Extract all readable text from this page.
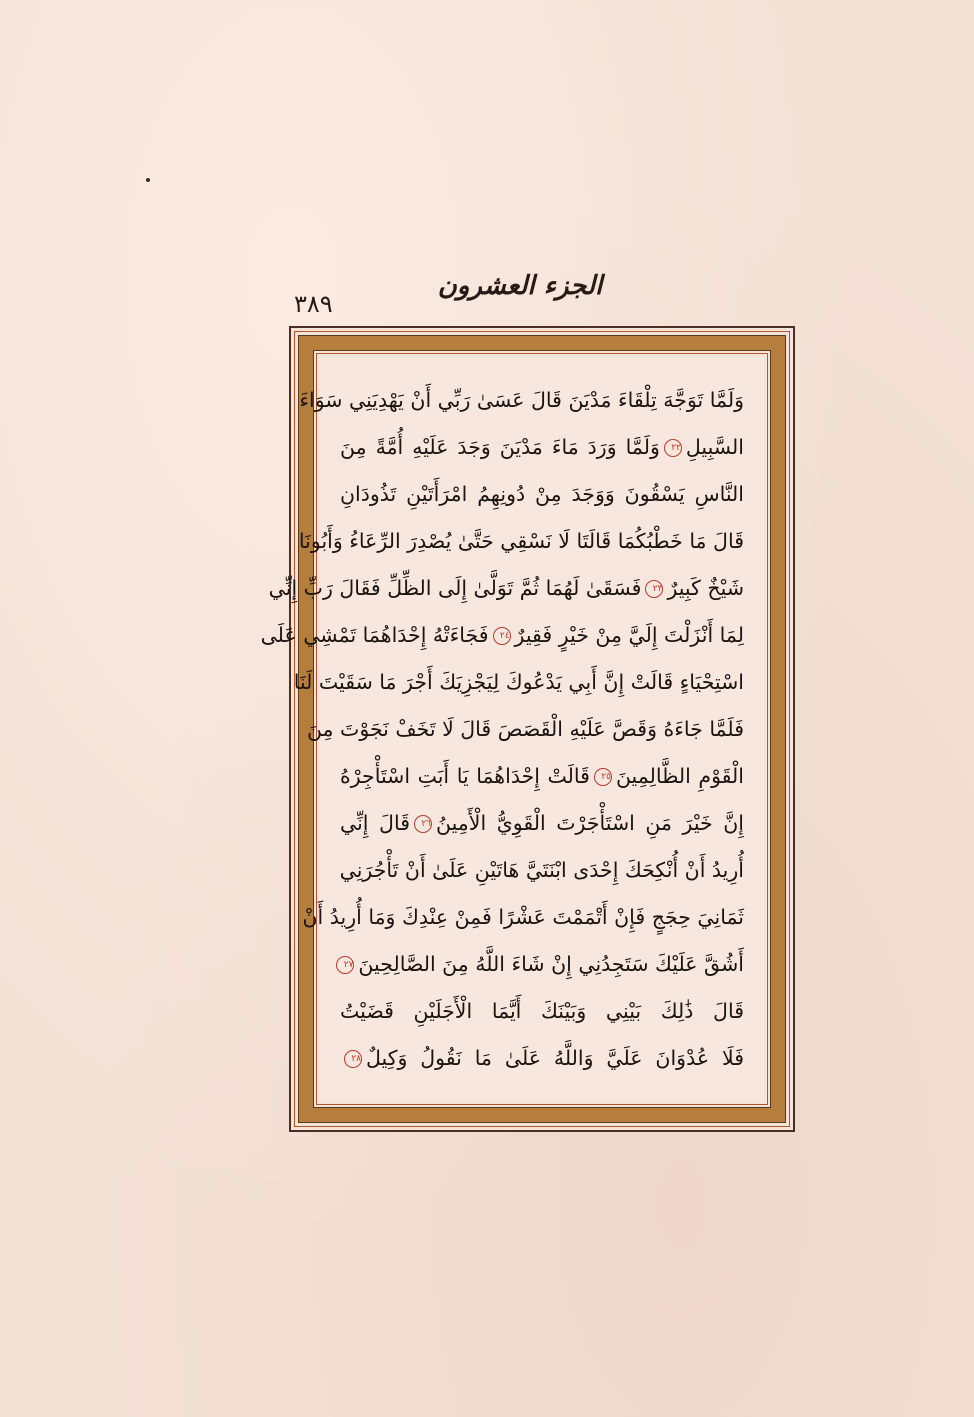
الجزء العشرون
٣٨٩
وَلَمَّا تَوَجَّهَ تِلْقَاءَ مَدْيَنَ قَالَ عَسَىٰ رَبِّي أَنْ يَهْدِيَنِي سَوَاءَ
السَّبِيلِ٢٢وَلَمَّا وَرَدَ مَاءَ مَدْيَنَ وَجَدَ عَلَيْهِ أُمَّةً مِنَ
النَّاسِ يَسْقُونَ وَوَجَدَ مِنْ دُونِهِمُ امْرَأَتَيْنِ تَذُودَانِ
قَالَ مَا خَطْبُكُمَا قَالَتَا لَا نَسْقِي حَتَّىٰ يُصْدِرَ الرِّعَاءُ وَأَبُونَا
شَيْخٌ كَبِيرٌ٢٣فَسَقَىٰ لَهُمَا ثُمَّ تَوَلَّىٰ إِلَى الظِّلِّ فَقَالَ رَبِّ إِنِّي
لِمَا أَنْزَلْتَ إِلَيَّ مِنْ خَيْرٍ فَقِيرٌ٢٤فَجَاءَتْهُ إِحْدَاهُمَا تَمْشِي عَلَى
اسْتِحْيَاءٍ قَالَتْ إِنَّ أَبِي يَدْعُوكَ لِيَجْزِيَكَ أَجْرَ مَا سَقَيْتَ لَنَا
فَلَمَّا جَاءَهُ وَقَصَّ عَلَيْهِ الْقَصَصَ قَالَ لَا تَخَفْ نَجَوْتَ مِنَ
الْقَوْمِ الظَّالِمِينَ٢٥قَالَتْ إِحْدَاهُمَا يَا أَبَتِ اسْتَأْجِرْهُ
إِنَّ خَيْرَ مَنِ اسْتَأْجَرْتَ الْقَوِيُّ الْأَمِينُ٢٦قَالَ إِنِّي
أُرِيدُ أَنْ أُنْكِحَكَ إِحْدَى ابْنَتَيَّ هَاتَيْنِ عَلَىٰ أَنْ تَأْجُرَنِي
ثَمَانِيَ حِجَجٍ فَإِنْ أَتْمَمْتَ عَشْرًا فَمِنْ عِنْدِكَ وَمَا أُرِيدُ أَنْ
أَشُقَّ عَلَيْكَ سَتَجِدُنِي إِنْ شَاءَ اللَّهُ مِنَ الصَّالِحِينَ٢٧
قَالَ ذَٰلِكَ بَيْنِي وَبَيْنَكَ أَيَّمَا الْأَجَلَيْنِ قَضَيْتُ
فَلَا عُدْوَانَ عَلَيَّ وَاللَّهُ عَلَىٰ مَا نَقُولُ وَكِيلٌ٢٨
